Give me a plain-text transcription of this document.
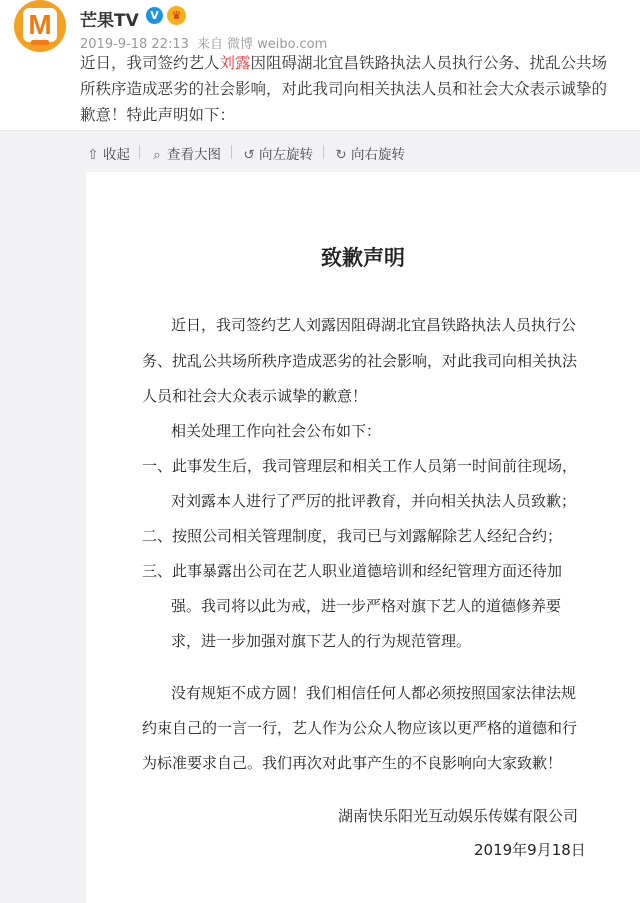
M	芒果TV	V	♛
2019-9-18 22:13 来自 微博 weibo.com
近日，我司签约艺人刘露因阻碍湖北宜昌铁路执法人员执行公务、扰乱公共场
所秩序造成恶劣的社会影响，对此我司向相关执法人员和社会大众表示诚挚的
歉意！特此声明如下：
⇧ 收起 ⌕ 查看大图 ↺ 向左旋转 ↻ 向右旋转
致歉声明
近日，我司签约艺人刘露因阻碍湖北宜昌铁路执法人员执行公
务、扰乱公共场所秩序造成恶劣的社会影响，对此我司向相关执法
人员和社会大众表示诚挚的歉意！
相关处理工作向社会公布如下：
一、此事发生后，我司管理层和相关工作人员第一时间前往现场，
对刘露本人进行了严厉的批评教育，并向相关执法人员致歉；
二、按照公司相关管理制度，我司已与刘露解除艺人经纪合约；
三、此事暴露出公司在艺人职业道德培训和经纪管理方面还待加
强。我司将以此为戒，进一步严格对旗下艺人的道德修养要
求，进一步加强对旗下艺人的行为规范管理。
没有规矩不成方圆！我们相信任何人都必须按照国家法律法规
约束自己的一言一行，艺人作为公众人物应该以更严格的道德和行
为标准要求自己。我们再次对此事产生的不良影响向大家致歉！
湖南快乐阳光互动娱乐传媒有限公司
2019年9月18日
